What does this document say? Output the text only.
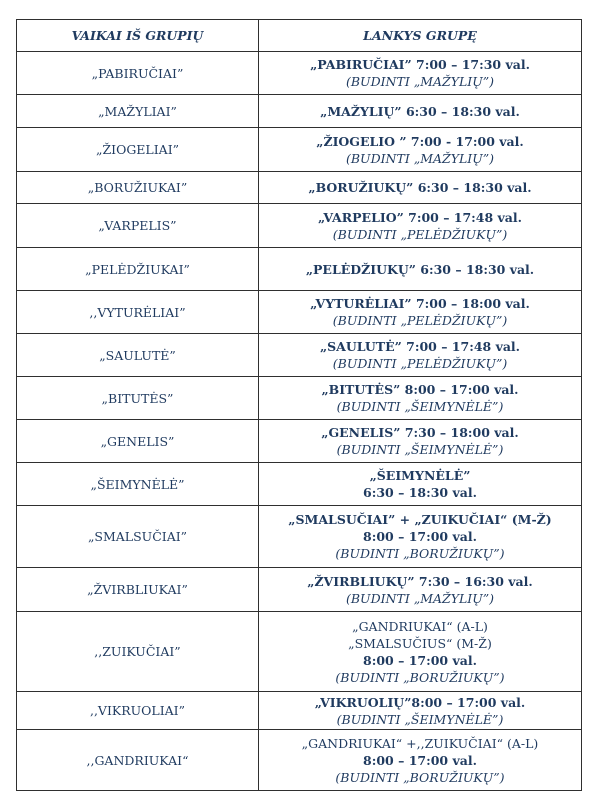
VAIKAI IŠ GRUPIŲ	LANKYS GRUPĘ
„PABIRUČIAI”	„PABIRUČIAI” 7:00 – 17:30 val.
(BUDINTI „MAŽYLIŲ”)

„MAŽYLIAI”	„MAŽYLIŲ” 6:30 – 18:30 val.

„ŽIOGELIAI”	„ŽIOGELIO ” 7:00 - 17:00 val.
(BUDINTI „MAŽYLIŲ”)

„BORUŽIUKAI”	„BORUŽIUKŲ” 6:30 – 18:30 val.

„VARPELIS”	„VARPELIO” 7:00 – 17:48 val.
(BUDINTI „PELĖDŽIUKŲ”)

„PELĖDŽIUKAI”	„PELĖDŽIUKŲ” 6:30 – 18:30 val.

,,VYTURĖLIAI”	„VYTURĖLIAI” 7:00 – 18:00 val.
(BUDINTI „PELĖDŽIUKŲ”)

„SAULUTĖ”	„SAULUTĖ” 7:00 – 17:48 val.
(BUDINTI „PELĖDŽIUKŲ”)

„BITUTĖS”	„BITUTĖS” 8:00 – 17:00 val.
(BUDINTI „ŠEIMYNĖLĖ”)

„GENELIS”	„GENELIS” 7:30 – 18:00 val.
(BUDINTI „ŠEIMYNĖLĖ”)

„ŠEIMYNĖLĖ”	„ŠEIMYNĖLĖ”
6:30 – 18:30 val.

„SMALSUČIAI”	„SMALSUČIAI” + „ZUIKUČIAI“ (M-Ž)
8:00 – 17:00 val.
(BUDINTI „BORUŽIUKŲ”)

„ŽVIRBLIUKAI”	„ŽVIRBLIUKŲ” 7:30 – 16:30 val.
(BUDINTI „MAŽYLIŲ”)

,,ZUIKUČIAI”	„GANDRIUKAI“ (A-L)
„SMALSUČIUS“ (M-Ž)
8:00 – 17:00 val.
(BUDINTI „BORUŽIUKŲ”)

,,VIKRUOLIAI”	„VIKRUOLIŲ”8:00 – 17:00 val.
(BUDINTI „ŠEIMYNĖLĖ”)

,,GANDRIUKAI“	„GANDRIUKAI“ +,,ZUIKUČIAI“ (A-L)
8:00 – 17:00 val.
(BUDINTI „BORUŽIUKŲ”)
